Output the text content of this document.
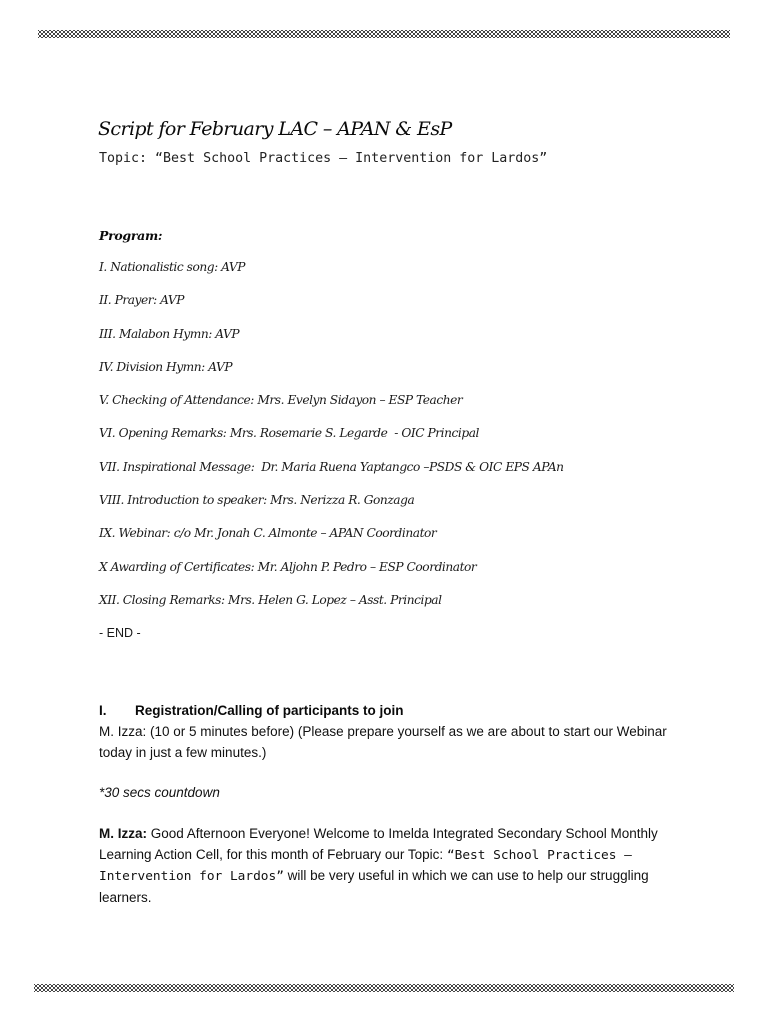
Script for February LAC – APAN & EsP
Topic: “Best School Practices – Intervention for Lardos”
Program:
I. Nationalistic song: AVP
II. Prayer: AVP
III. Malabon Hymn: AVP
IV. Division Hymn: AVP
V. Checking of Attendance: Mrs. Evelyn Sidayon – ESP Teacher
VI. Opening Remarks: Mrs. Rosemarie S. Legarde  - OIC Principal
VII. Inspirational Message:  Dr. Maria Ruena Yaptangco –PSDS & OIC EPS APAn
VIII. Introduction to speaker: Mrs. Nerizza R. Gonzaga
IX. Webinar: c/o Mr. Jonah C. Almonte – APAN Coordinator
X Awarding of Certificates: Mr. Aljohn P. Pedro – ESP Coordinator
XII. Closing Remarks: Mrs. Helen G. Lopez – Asst. Principal
- END -
I. Registration/Calling of participants to join
M. Izza: (10 or 5 minutes before) (Please prepare yourself as we are about to start our Webinar today in just a few minutes.)
*30 secs countdown
M. Izza: Good Afternoon Everyone! Welcome to Imelda Integrated Secondary School Monthly Learning Action Cell, for this month of February our Topic: “Best School Practices – Intervention for Lardos” will be very useful in which we can use to help our struggling learners.
